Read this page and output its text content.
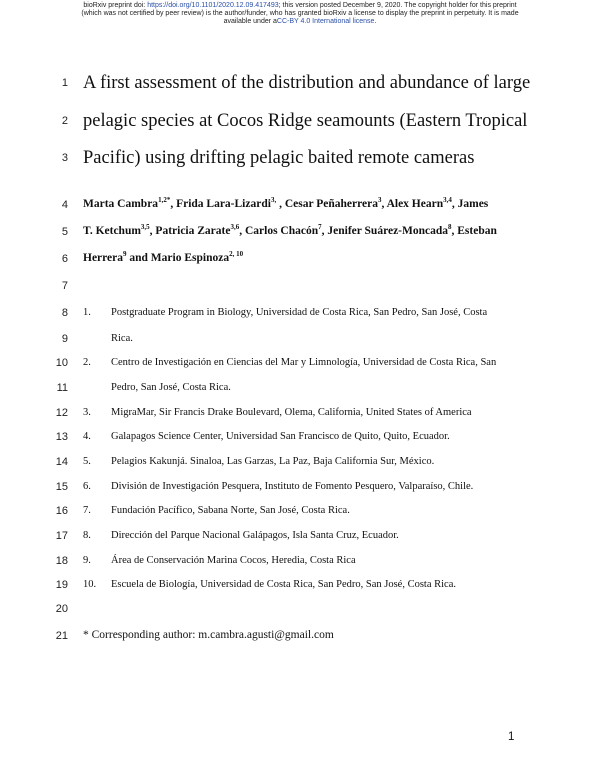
bioRxiv preprint doi: https://doi.org/10.1101/2020.12.09.417493; this version posted December 9, 2020. The copyright holder for this preprint
(which was not certified by peer review) is the author/funder, who has granted bioRxiv a license to display the preprint in perpetuity. It is made
available under aCC-BY 4.0 International license.
1
2
3
4
5
6
7
8
9
10
11
12
13
14
15
16
17
18
19
20
21
A first assessment of the distribution and abundance of large
pelagic species at Cocos Ridge seamounts (Eastern Tropical
Pacific) using drifting pelagic baited remote cameras
Marta Cambra$^{1,2*}$, Frida Lara-Lizardi$^{3,}$ , Cesar Peñaherrera$^3$, Alex Hearn$^{3,4}$, James
T. Ketchum$^{3,5}$, Patricia Zarate$^{3,6}$, Carlos Chacón$^7$, Jenifer Suárez-Moncada$^8$, Esteban
Herrera$^9$ and Mario Espinoza$^{2, 10}$
1. Postgraduate Program in Biology, Universidad de Costa Rica, San Pedro, San José, Costa
Rica.
2. Centro de Investigación en Ciencias del Mar y Limnología, Universidad de Costa Rica, San
Pedro, San José, Costa Rica.
3. MigraMar, Sir Francis Drake Boulevard, Olema, California, United States of America
4. Galapagos Science Center, Universidad San Francisco de Quito, Quito, Ecuador.
5. Pelagios Kakunjá. Sinaloa, Las Garzas, La Paz, Baja California Sur, México.
6. División de Investigación Pesquera, Instituto de Fomento Pesquero, Valparaíso, Chile.
7. Fundación Pacífico, Sabana Norte, San José, Costa Rica.
8. Dirección del Parque Nacional Galápagos, Isla Santa Cruz, Ecuador.
9. Área de Conservación Marina Cocos, Heredia, Costa Rica
10. Escuela de Biología, Universidad de Costa Rica, San Pedro, San José, Costa Rica.
* Corresponding author: m.cambra.agusti@gmail.com
1
